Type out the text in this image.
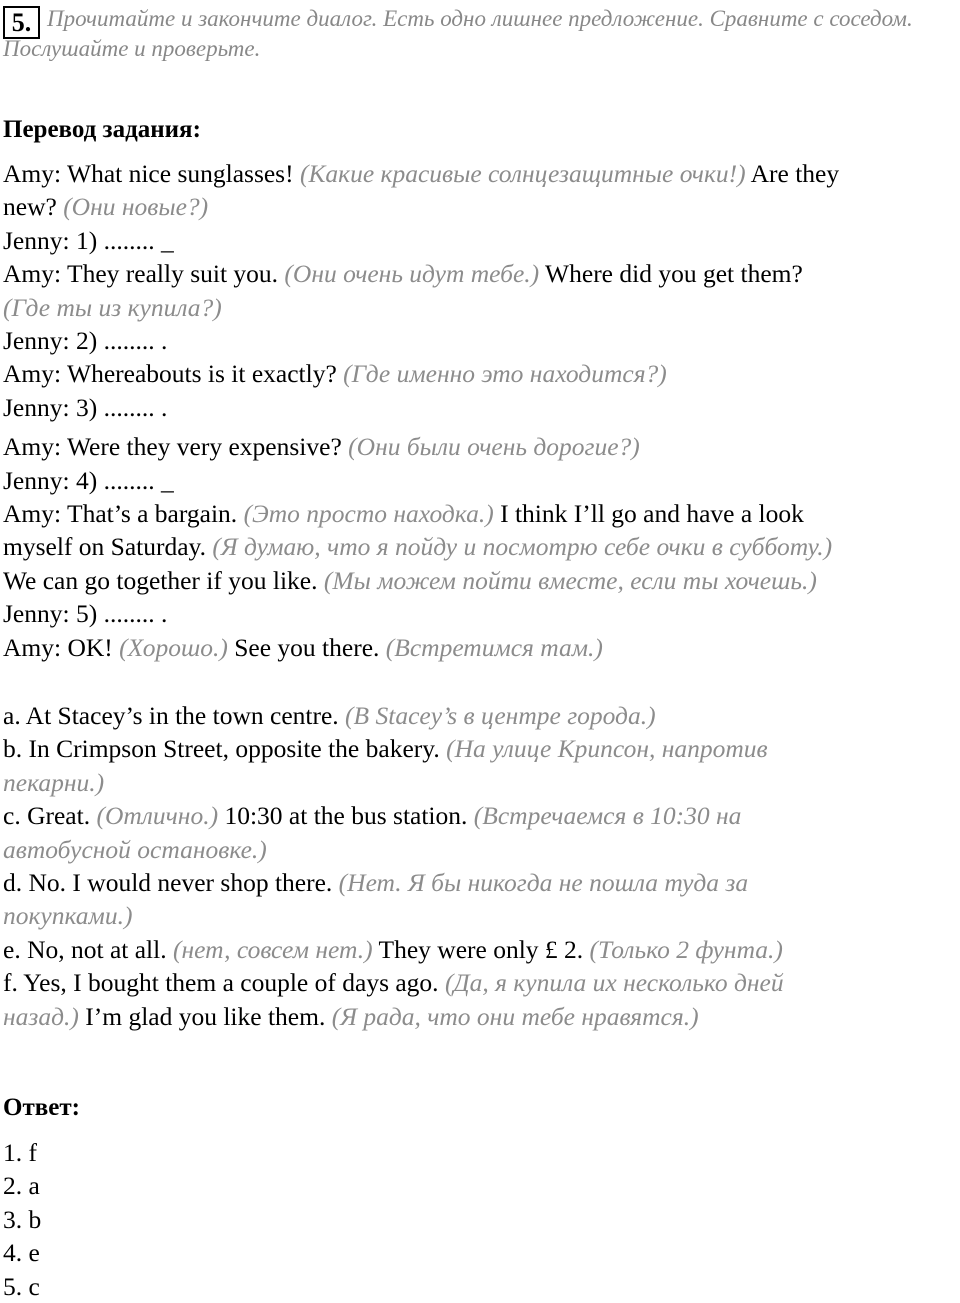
5. Прочитайте и закончите диалог. Есть одно лишнее предложение. Сравните с соседом. Послушайте и проверьте.

Перевод задания:
Amy: What nice sunglasses! (Какие красивые солнцезащитные очки!) Are they
new? (Они новые?)
Jenny: 1) ........ _
Amy: They really suit you. (Они очень идут тебе.) Where did you get them?
(Где ты из купила?)
Jenny: 2) ........ .
Amy: Whereabouts is it exactly? (Где именно это находится?)
Jenny: 3) ........ .
Amy: Were they very expensive? (Они были очень дорогие?)
Jenny: 4) ........ _
Amy: That’s a bargain. (Это просто находка.) I think I’ll go and have a look
myself on Saturday. (Я думаю, что я пойду и посмотрю себе очки в субботу.)
We can go together if you like. (Мы можем пойти вместе, если ты хочешь.)
Jenny: 5) ........ .
Amy: OK! (Хорошо.) See you there. (Встретимся там.)
a. At Stacey’s in the town centre. (В Stacey’s в центре города.)
b. In Crimpson Street, opposite the bakery. (На улице Крипсон, напротив
пекарни.)
c. Great. (Отлично.) 10:30 at the bus station. (Встречаемся в 10:30 на
автобусной остановке.)
d. No. I would never shop there. (Нет. Я бы никогда не пошла туда за
покупками.)
e. No, not at all. (нет, совсем нет.) They were only £ 2. (Только 2 фунта.)
f. Yes, I bought them a couple of days ago. (Да, я купила их несколько дней
назад.) I’m glad you like them. (Я рада, что они тебе нравятся.)
Ответ:
1. f
2. a
3. b
4. e
5. c
